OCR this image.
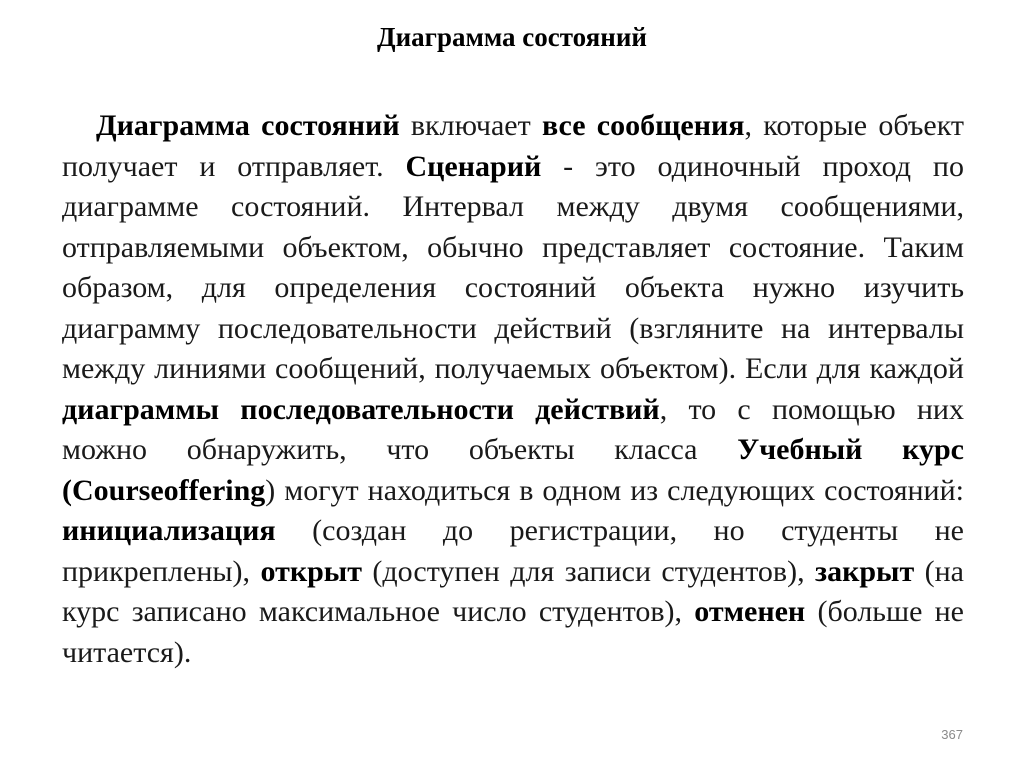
Диаграмма состояний

Диаграмма состояний включает все сообщения, которые объект получает и отправляет. Сценарий - это одиночный проход по диаграмме состояний. Интервал между двумя сообщениями, отправляемыми объектом, обычно представляет состояние. Таким образом, для определения состояний объекта нужно изучить диаграмму последовательности действий (взгляните на интервалы между линиями сообщений, получаемых объектом). Если для каждой диаграммы последовательности действий, то с помощью них можно обнаружить, что объекты класса Учебный курс (Courseoffering) могут находиться в одном из следующих состояний: инициализация (создан до регистрации, но студенты не прикреплены), открыт (доступен для записи студентов), закрыт (на курс записано максимальное число студентов), отменен (больше не читается).

367
